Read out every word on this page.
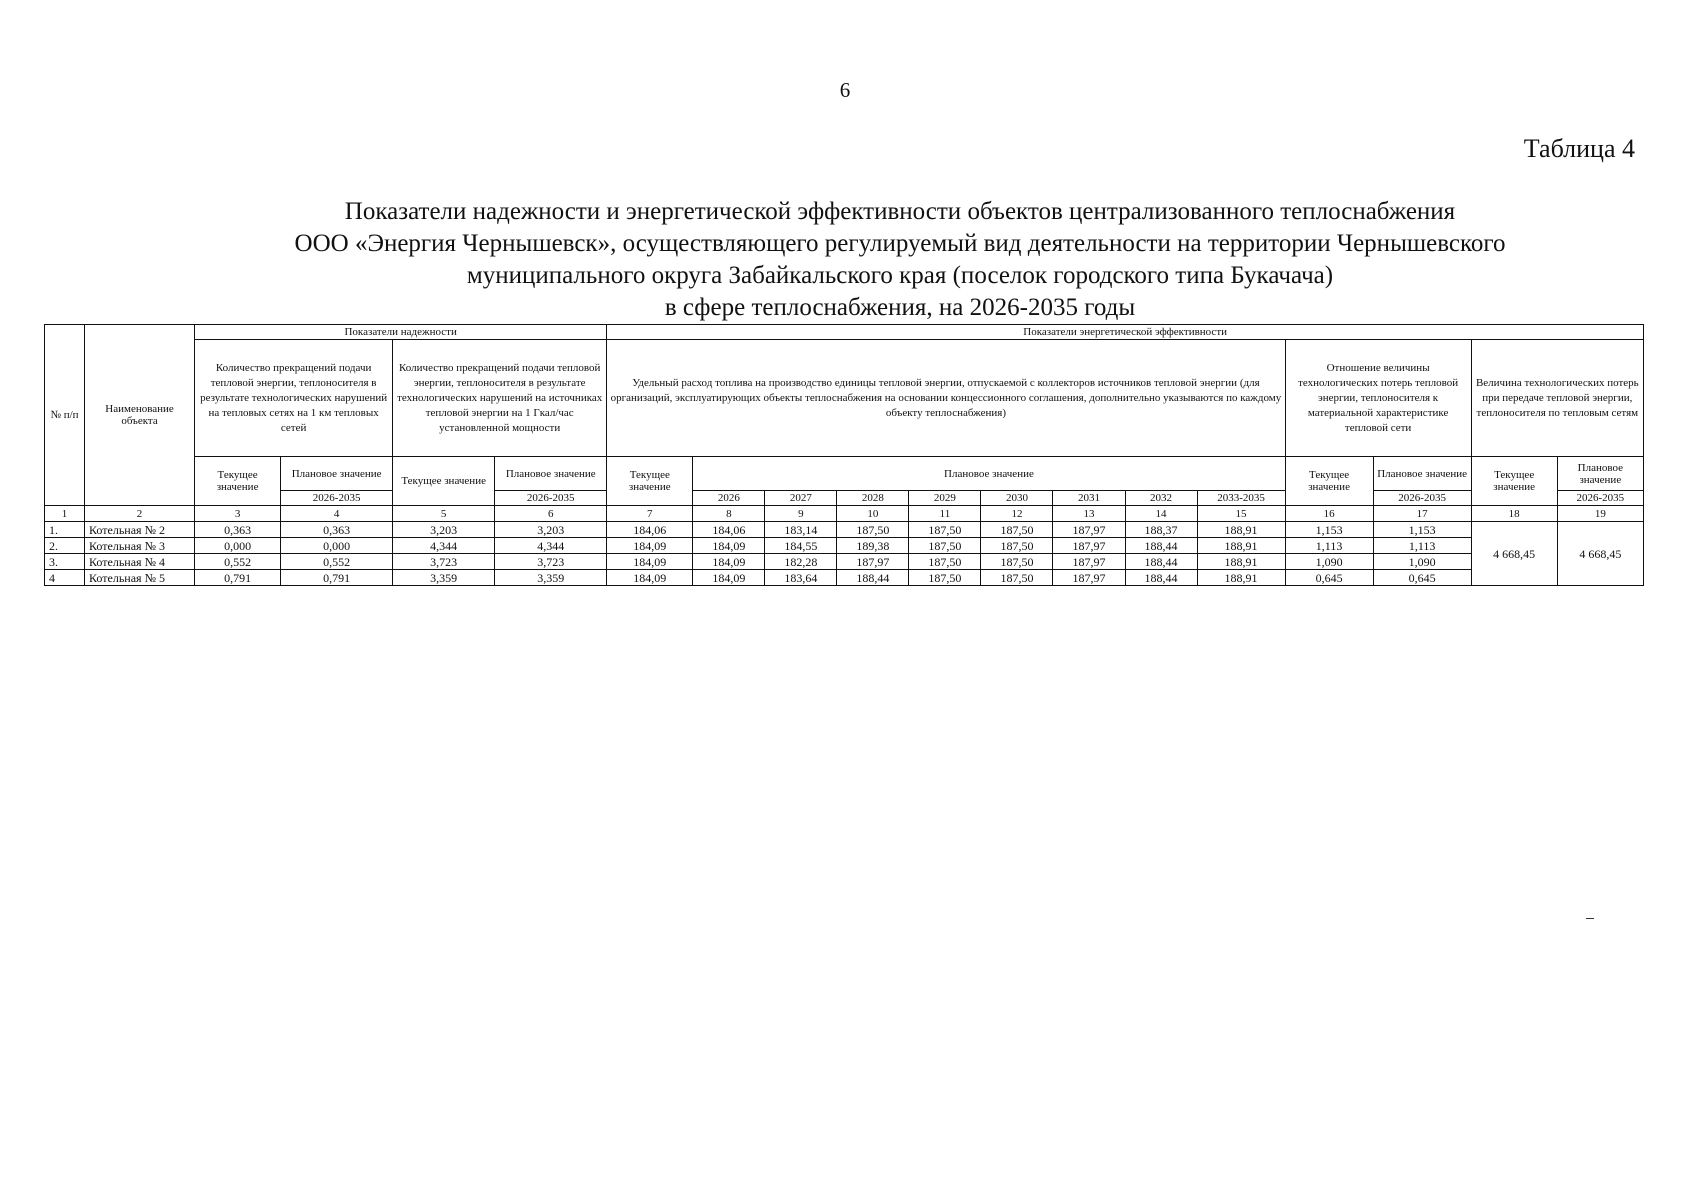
6
Таблица 4
Показатели надежности и энергетической эффективности объектов централизованного теплоснабжения
ООО «Энергия Чернышевск», осуществляющего регулируемый вид деятельности на территории Чернышевского
муниципального округа Забайкальского края (поселок городского типа Букачача)
в сфере теплоснабжения, на 2026-2035 годы
№ п/п	Наименование объекта	Показатели надежности				Показатели энергетической эффективности												
		Количество прекращений подачи тепловой энергии, теплоносителя в результате технологических нарушений на тепловых сетях на 1 км тепловых сетей		Количество прекращений подачи тепловой энергии, теплоносителя в результате технологических нарушений на источниках тепловой энергии на 1 Гкал/час установленной мощности		Удельный расход топлива на производство единицы тепловой энергии, отпускаемой с коллекторов источников тепловой энергии (для организаций, эксплуатирующих объекты теплоснабжения на основании концессионного соглашения, дополнительно указываются по каждому объекту теплоснабжения)									Отношение величины технологических потерь тепловой энергии, теплоносителя к материальной характеристике тепловой сети		Величина технологических потерь при передаче тепловой энергии, теплоносителя по тепловым сетям	
		Текущее значение	Плановое значение	Текущее значение	Плановое значение	Текущее значение	Плановое значение								Текущее значение	Плановое значение	Текущее значение	Плановое значение
			2026-2035		2026-2035		2026	2027	2028	2029	2030	2031	2032	2033-2035		2026-2035		2026-2035
1	2	3	4	5	6	7	8	9	10	11	12	13	14	15	16	17	18	19
1.	Котельная № 2	0,363	0,363	3,203	3,203	184,06	184,06	183,14	187,50	187,50	187,50	187,97	188,37	188,91	1,153	1,153	4 668,45	4 668,45
2.	Котельная № 3	0,000	0,000	4,344	4,344	184,09	184,09	184,55	189,38	187,50	187,50	187,97	188,44	188,91	1,113	1,113		
3.	Котельная № 4	0,552	0,552	3,723	3,723	184,09	184,09	182,28	187,97	187,50	187,50	187,97	188,44	188,91	1,090	1,090		
4	Котельная № 5	0,791	0,791	3,359	3,359	184,09	184,09	183,64	188,44	187,50	187,50	187,97	188,44	188,91	0,645	0,645		
